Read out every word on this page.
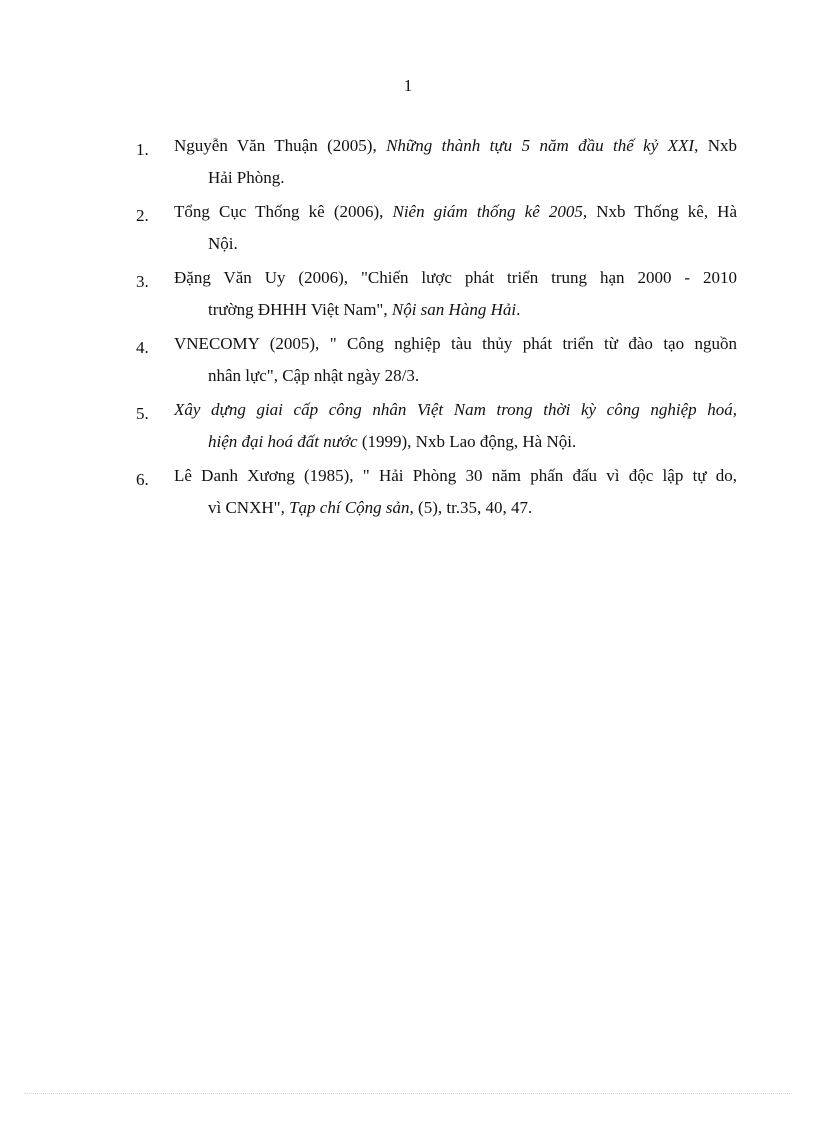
1
1.	Nguyễn Văn Thuận (2005), Những thành tựu 5 năm đầu thế kỷ XXI, Nxb
Hải Phòng.
2.	Tổng Cục Thống kê (2006), Niên giám thống kê 2005, Nxb Thống kê, Hà
Nội.
3.	Đặng Văn Uy (2006), "Chiến lược phát triển trung hạn 2000 - 2010
trường ĐHHH Việt Nam", Nội san Hàng Hải.
4.	VNECOMY (2005), " Công nghiệp tàu thủy phát triển từ đào tạo nguồn
nhân lực", Cập nhật ngày 28/3.
5.	Xây dựng giai cấp công nhân Việt Nam trong thời kỳ công nghiệp hoá,
hiện đại hoá đất nước (1999), Nxb Lao động, Hà Nội.
6.	Lê Danh Xương (1985), " Hải Phòng 30 năm phấn đấu vì độc lập tự do,
vì CNXH", Tạp chí Cộng sản, (5), tr.35, 40, 47.
